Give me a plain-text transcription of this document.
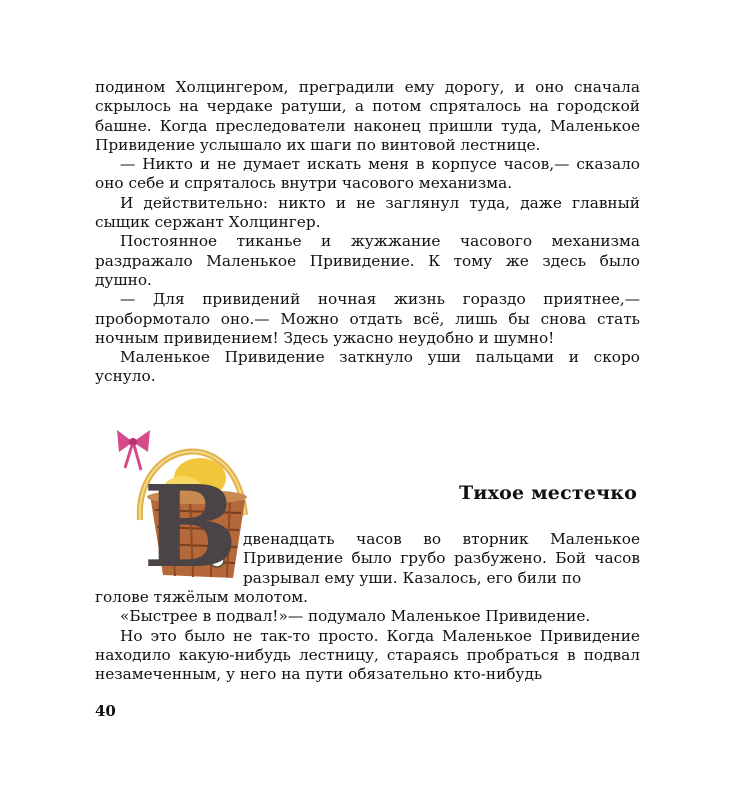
подином Холцингером, преградили ему дорогу, и оно сначала скрылось на чердаке ратуши, а потом спряталось на городской башне. Когда преследователи наконец пришли туда, Маленькое Привидение услышало их шаги по винтовой лестнице.

— Никто и не думает искать меня в корпусе часов,— сказало оно себе и спряталось внутри часового механизма.

И действительно: никто и не заглянул туда, даже главный сыщик сержант Холцингер.

Постоянное тиканье и жужжание часового механизма раздражало Маленькое Привидение. К тому же здесь было душно.

— Для привидений ночная жизнь гораздо приятнее,— пробормотало оно.— Можно отдать всё, лишь бы снова стать ночным привидением! Здесь ужасно неудобно и шумно!

Маленькое Привидение заткнуло уши пальцами и скоро уснуло.

В	Тихое местечко

двенадцать часов во вторник Маленькое Привидение было грубо разбужено. Бой часов разрывал ему уши. Казалось, его били по

голове тяжёлым молотом.

«Быстрее в подвал!»— подумало Маленькое Привидение.

Но это было не так-то просто. Когда Маленькое Привидение находило какую-нибудь лестницу, стараясь пробраться в подвал незамеченным, у него на пути обязательно кто-нибудь

40
